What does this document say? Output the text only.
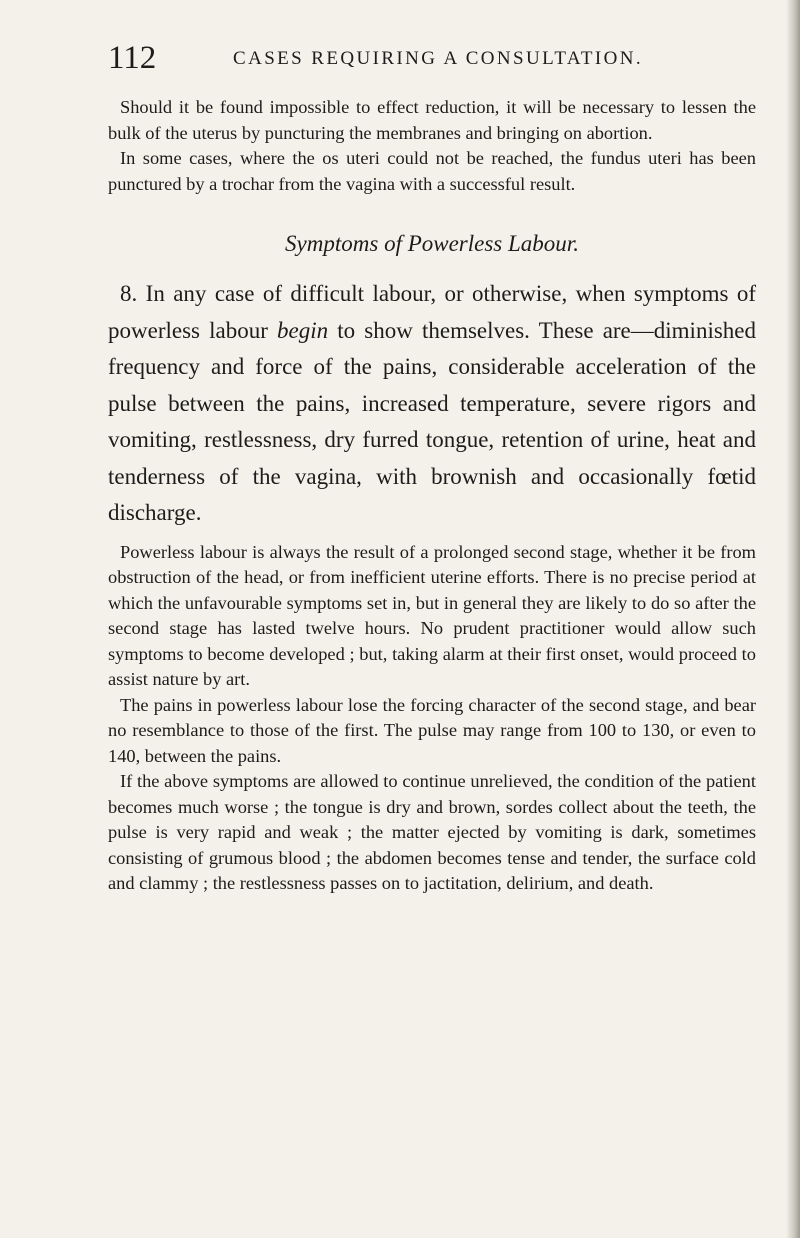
112	CASES REQUIRING A CONSULTATION.

Should it be found impossible to effect reduction, it will be necessary to lessen the bulk of the uterus by puncturing the membranes and bringing on abortion.

In some cases, where the os uteri could not be reached, the fundus uteri has been punctured by a trochar from the vagina with a successful result.

Symptoms of Powerless Labour.

8. In any case of difficult labour, or otherwise, when symptoms of powerless labour begin to show themselves. These are—diminished frequency and force of the pains, considerable acceleration of the pulse between the pains, increased temperature, severe rigors and vomiting, restlessness, dry furred tongue, retention of urine, heat and tenderness of the vagina, with brownish and occasionally fœtid discharge.

Powerless labour is always the result of a prolonged second stage, whether it be from obstruction of the head, or from inefficient uterine efforts. There is no precise period at which the unfavourable symptoms set in, but in general they are likely to do so after the second stage has lasted twelve hours. No prudent practitioner would allow such symptoms to become developed ; but, taking alarm at their first onset, would proceed to assist nature by art.

The pains in powerless labour lose the forcing character of the second stage, and bear no resemblance to those of the first. The pulse may range from 100 to 130, or even to 140, between the pains.

If the above symptoms are allowed to continue unrelieved, the condition of the patient becomes much worse ; the tongue is dry and brown, sordes collect about the teeth, the pulse is very rapid and weak ; the matter ejected by vomiting is dark, sometimes consisting of grumous blood ; the abdomen becomes tense and tender, the surface cold and clammy ; the restlessness passes on to jactitation, delirium, and death.
